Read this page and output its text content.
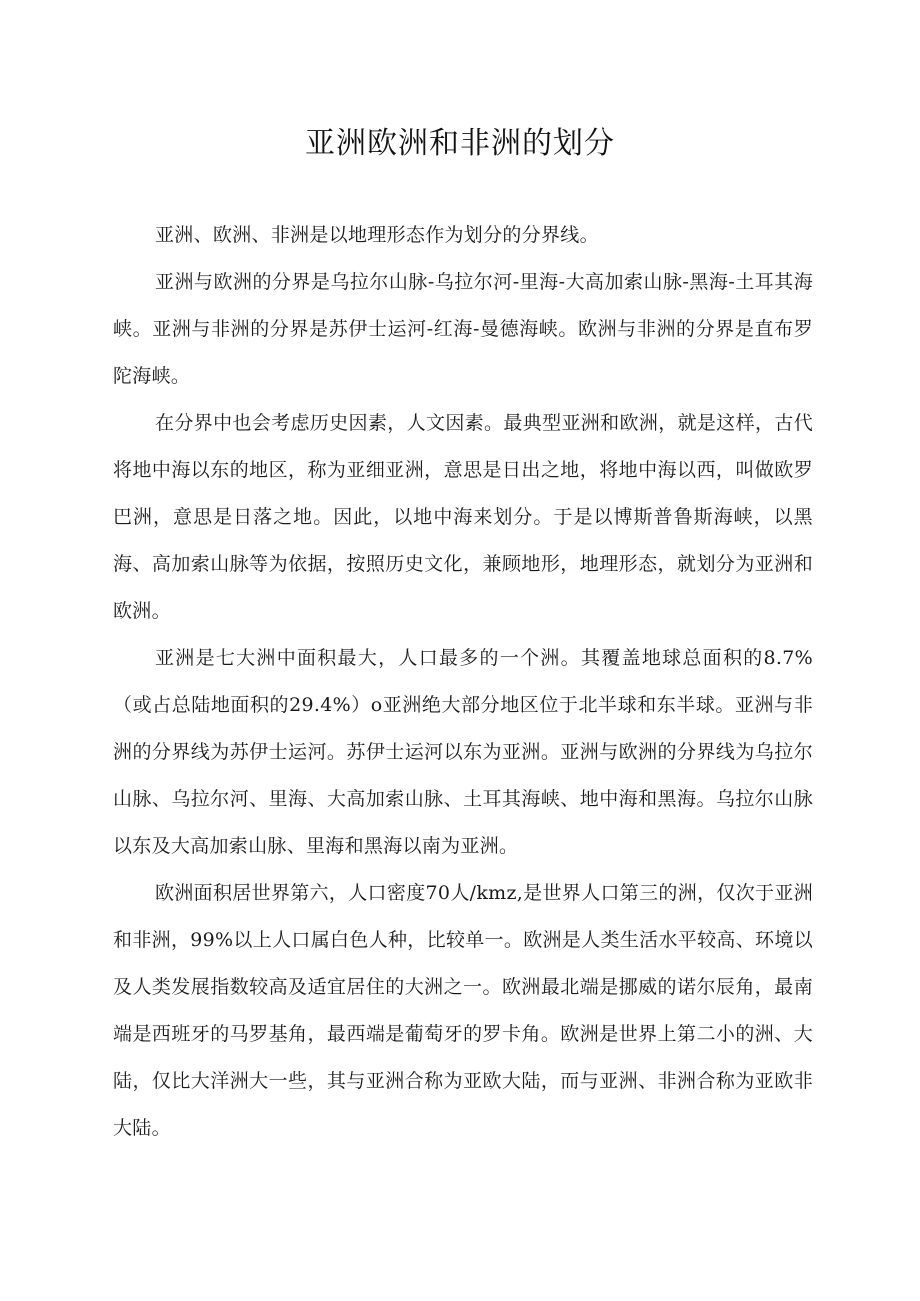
亚洲欧洲和非洲的划分

亚洲、欧洲、非洲是以地理形态作为划分的分界线。

亚洲与欧洲的分界是乌拉尔山脉-乌拉尔河-里海-大高加索山脉-黑海-土耳其海峡。亚洲与非洲的分界是苏伊士运河-红海-曼德海峡。欧洲与非洲的分界是直布罗陀海峡。

在分界中也会考虑历史因素，人文因素。最典型亚洲和欧洲，就是这样，古代将地中海以东的地区，称为亚细亚洲，意思是日出之地，将地中海以西，叫做欧罗巴洲，意思是日落之地。因此，以地中海来划分。于是以博斯普鲁斯海峡，以黑海、高加索山脉等为依据，按照历史文化，兼顾地形，地理形态，就划分为亚洲和欧洲。

亚洲是七大洲中面积最大，人口最多的一个洲。其覆盖地球总面积的8.7%（或占总陆地面积的29.4%）o亚洲绝大部分地区位于北半球和东半球。亚洲与非洲的分界线为苏伊士运河。苏伊士运河以东为亚洲。亚洲与欧洲的分界线为乌拉尔山脉、乌拉尔河、里海、大高加索山脉、土耳其海峡、地中海和黑海。乌拉尔山脉以东及大高加索山脉、里海和黑海以南为亚洲。

欧洲面积居世界第六，人口密度70人/kmz,是世界人口第三的洲，仅次于亚洲和非洲，99%以上人口属白色人种，比较单一。欧洲是人类生活水平较高、环境以及人类发展指数较高及适宜居住的大洲之一。欧洲最北端是挪威的诺尔辰角，最南端是西班牙的马罗基角，最西端是葡萄牙的罗卡角。欧洲是世界上第二小的洲、大陆，仅比大洋洲大一些，其与亚洲合称为亚欧大陆，而与亚洲、非洲合称为亚欧非大陆。
